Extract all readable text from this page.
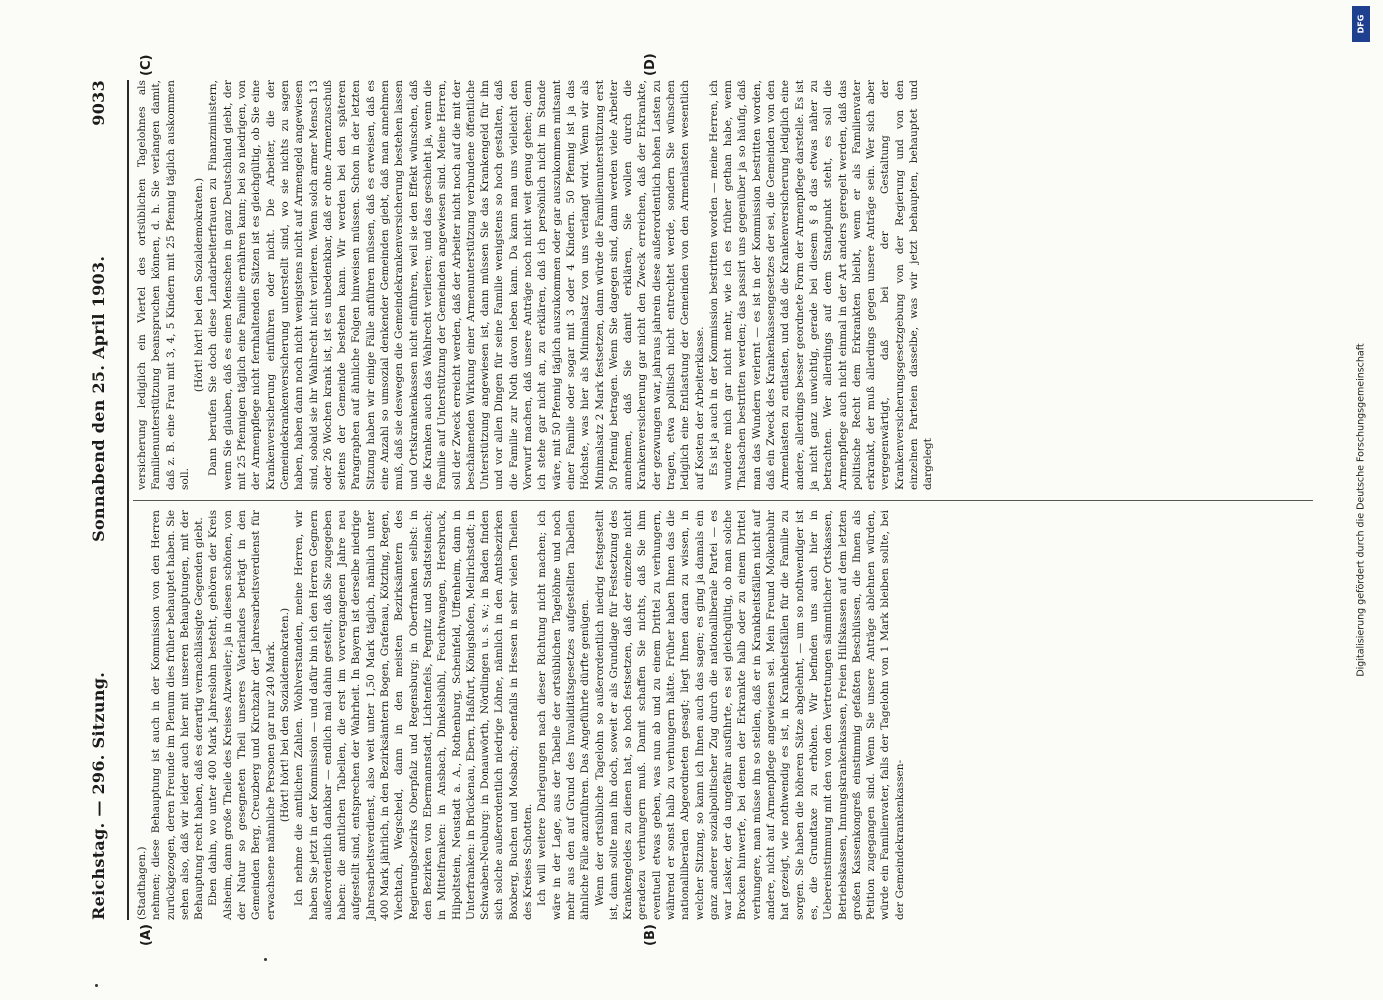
Reichstag. — 296. Sitzung.
Sonnabend den 25. April 1903.
9033
(A)	(B)
(C)	(D)

(Stadthagen.) nehmen; diese Behauptung ist auch in der Kommission von den Herren zurückgezogen, deren Freunde im Plenum dies früher behauptet haben. Sie sehen also, daß wir leider auch hier mit unseren Behauptungen, mit der Behauptung recht haben, daß es derartig vernachlässigte Gegenden giebt. Eben dahin, wo unter 400 Mark Jahreslohn besteht, gehören der Kreis Alsheim, dann große Theile des Kreises Alzweiler; ja in diesen schönen, von der Natur so gesegneten Theil unseres Vaterlandes beträgt in den Gemeinden Berg, Creuzberg und Kirchzahr der Jahresarbeitsverdienst für erwachsene männliche Personen gar nur 240 Mark. (Hört! hört! bei den Sozialdemokraten.) Ich nehme die amtlichen Zahlen. Wohlverstanden, meine Herren, wir haben Sie jetzt in der Kommission — und dafür bin ich den Herren Gegnern außerordentlich dankbar — endlich mal dahin gestellt, daß Sie zugegeben haben: die amtlichen Tabellen, die erst im vorvergangenen Jahre neu aufgestellt sind, entsprechen der Wahrheit. In Bayern ist derselbe niedrige Jahresarbeitsverdienst, also weit unter 1,50 Mark täglich, nämlich unter 400 Mark jährlich, in den Bezirksämtern Bogen, Grafenau, Kötzting, Regen, Viechtach, Wegscheid, dann in den meisten Bezirksämtern des Regierungsbezirks Oberpfalz und Regensburg; in Oberfranken selbst: in den Bezirken von Ebermannstadt, Lichtenfels, Pegnitz und Stadtsteinach; in Mittelfranken: in Ansbach, Dinkelsbühl, Feuchtwangen, Hersbruck, Hilpoltstein, Neustadt a. A., Rothenburg, Scheinfeld, Uffenheim, dann in Unterfranken: in Brückenau, Ebern, Haßfurt, Königshofen, Mellrichstadt; in Schwaben-Neuburg: in Donauwörth, Nördlingen u. s. w.; in Baden finden sich solche außerordentlich niedrige Löhne, nämlich in den Amtsbezirken Boxberg, Buchen und Mosbach; ebenfalls in Hessen in sehr vielen Theilen des Kreises Schotten. Ich will weitere Darlegungen nach dieser Richtung nicht machen; ich wäre in der Lage, aus der Tabelle der ortsüblichen Tagelöhne und noch mehr aus den auf Grund des Invaliditätsgesetzes aufgestellten Tabellen ähnliche Fälle anzuführen. Das Angeführte dürfte genügen. Wenn der ortsübliche Tagelohn so außerordentlich niedrig festgestellt ist, dann sollte man ihn doch, soweit er als Grundlage für Festsetzung des Krankengeldes zu dienen hat, so hoch festsetzen, daß der einzelne nicht geradezu verhungern muß. Damit schaffen Sie nichts, daß Sie ihm eventuell etwas geben, was nun ab und zu einem Drittel zu verhungern, während er sonst halb zu verhungern hätte. Früher haben Ihnen das die nationalliberalen Abgeordneten gesagt; liegt Ihnen daran zu wissen, in welcher Sitzung, so kann ich Ihnen auch das sagen; es ging ja damals ein ganz anderer sozialpolitischer Zug durch die nationalliberale Partei — es war Lasker, der da ungefähr ausführte, es sei gleichgültig, ob man solche Brocken hinwerfe, bei denen der Erkrankte halb oder zu einem Drittel verhungere, man müsse ihn so stellen, daß er in Krankheitsfällen nicht auf andere, nicht auf Armenpflege angewiesen sei. Mein Freund Molkenbuhr hat gezeigt, wie nothwendig es ist, in Krankheitsfällen für die Familie zu sorgen. Sie haben die höheren Sätze abgelehnt, — um so nothwendiger ist es, die Grundtaxe zu erhöhen. Wir befinden uns auch hier in Uebereinstimmung mit den von den Vertretungen sämmtlicher Ortskassen, Betriebskassen, Innungskrankenkassen, Freien Hilfskassen auf dem letzten großen Kassenkongreß einstimmig gefaßten Beschlüssen, die Ihnen als Petition zugegangen sind. Wenn Sie unsere Anträge ablehnen würden, würde ein Familienvater, falls der Tagelohn von 1 Mark bleiben sollte, bei der Gemeindekrankenkassen-

versicherung lediglich ein Viertel des ortsüblichen Tagelohnes als Familienunterstützung beanspruchen können, d. h. Sie verlangen damit, daß z. B. eine Frau mit 3, 4, 5 Kindern mit 25 Pfennig täglich auskommen soll.

(Hört! hört! bei den Sozialdemokraten.) Dann berufen Sie doch diese Landarbeiterfrauen zu Finanzministern, wenn Sie glauben, daß es einen Menschen in ganz Deutschland giebt, der mit 25 Pfennigen täglich eine Familie ernähren kann; bei so niedrigen, von der Armenpflege nicht fernhaltenden Sätzen ist es gleichgültig, ob Sie eine Krankenversicherung einführen oder nicht. Die Arbeiter, die der Gemeindekrankenversicherung unterstellt sind, wo sie nichts zu sagen haben, haben dann noch nicht wenigstens nicht auf Armengeld angewiesen sind, sobald sie ihr Wahlrecht nicht verlieren. Wenn solch armer Mensch 13 oder 26 Wochen krank ist, ist es unbedenkbar, daß er ohne Armenzuschuß seitens der Gemeinde bestehen kann. Wir werden bei den späteren Paragraphen auf ähnliche Folgen hinweisen müssen. Schon in der letzten Sitzung haben wir einige Fälle anführen müssen, daß es erweisen, daß es eine Anzahl so umsozial denkender Gemeinden giebt, daß man annehmen muß, daß sie deswegen die Gemeindekrankenversicherung bestehen lassen und Ortskrankenkassen nicht einführen, weil sie den Effekt wünschen, daß die Kranken auch das Wahlrecht verlieren; und das geschieht ja, wenn die Familie auf Unterstützung der Gemeinden angewiesen sind. Meine Herren, soll der Zweck erreicht werden, daß der Arbeiter nicht noch auf die mit der beschämenden Wirkung einer Armenunterstützung verbundene öffentliche Unterstützung angewiesen ist, dann müssen Sie das Krankengeld für ihn und vor allen Dingen für seine Familie wenigstens so hoch gestalten, daß die Familie zur Noth davon leben kann. Da kann man uns vielleicht den Vorwurf machen, daß unsere Anträge noch nicht weit genug gehen; denn ich stehe gar nicht an, zu erklären, daß ich persönlich nicht im Stande wäre, mit 50 Pfennig täglich auszukommen oder gar auszukommen mitsamt einer Familie oder sogar mit 3 oder 4 Kindern. 50 Pfennig ist ja das Höchste, was hier als Minimalsatz von uns verlangt wird. Wenn wir als Minimalsatz 2 Mark festsetzen, dann würde die Familienunterstützung erst 50 Pfennig betragen. Wenn Sie dagegen sind, dann werden viele Arbeiter annehmen, daß Sie damit erklären, Sie wollen durch die Krankenversicherung gar nicht den Zweck erreichen, daß der Erkrankte, der gezwungen war, jahraus jahrein diese außerordentlich hohen Lasten zu tragen, etwa politisch nicht entrechtet werde, sondern Sie wünschen lediglich eine Entlastung der Gemeinden von den Armenlasten wesentlich auf Kosten der Arbeiterklasse. Es ist ja auch in der Kommission bestritten worden — meine Herren, ich wundere mich gar nicht mehr, wie ich es früher gethan habe, wenn Thatsachen bestritten werden; das passirt uns gegenüber ja so häufig, daß man das Wundern verlernt — es ist in der Kommission bestritten worden, daß ein Zweck des Krankenkassengesetzes der sei, die Gemeinden von den Armenlasten zu entlasten, und daß die Krankenversicherung lediglich eine andere, allerdings besser geordnete Form der Armenpflege darstelle. Es ist ja nicht ganz unwichtig, gerade bei diesem § 8 das etwas näher zu betrachten. Wer allerdings auf dem Standpunkt steht, es soll die Armenpflege auch nicht einmal in der Art anders geregelt werden, daß das politische Recht dem Erkrankten bleibt, wenn er als Familienvater erkrankt, der muß allerdings gegen unsere Anträge sein. Wer sich aber vergegenwärtigt, daß bei der Gestaltung der Krankenversicherungsgesetzgebung von der Regierung und von den einzelnen Parteien dasselbe, was wir jetzt behaupten, behauptet und dargelegt

DFG
Digitalisierung gefördert durch die Deutsche Forschungsgemeinschaft
